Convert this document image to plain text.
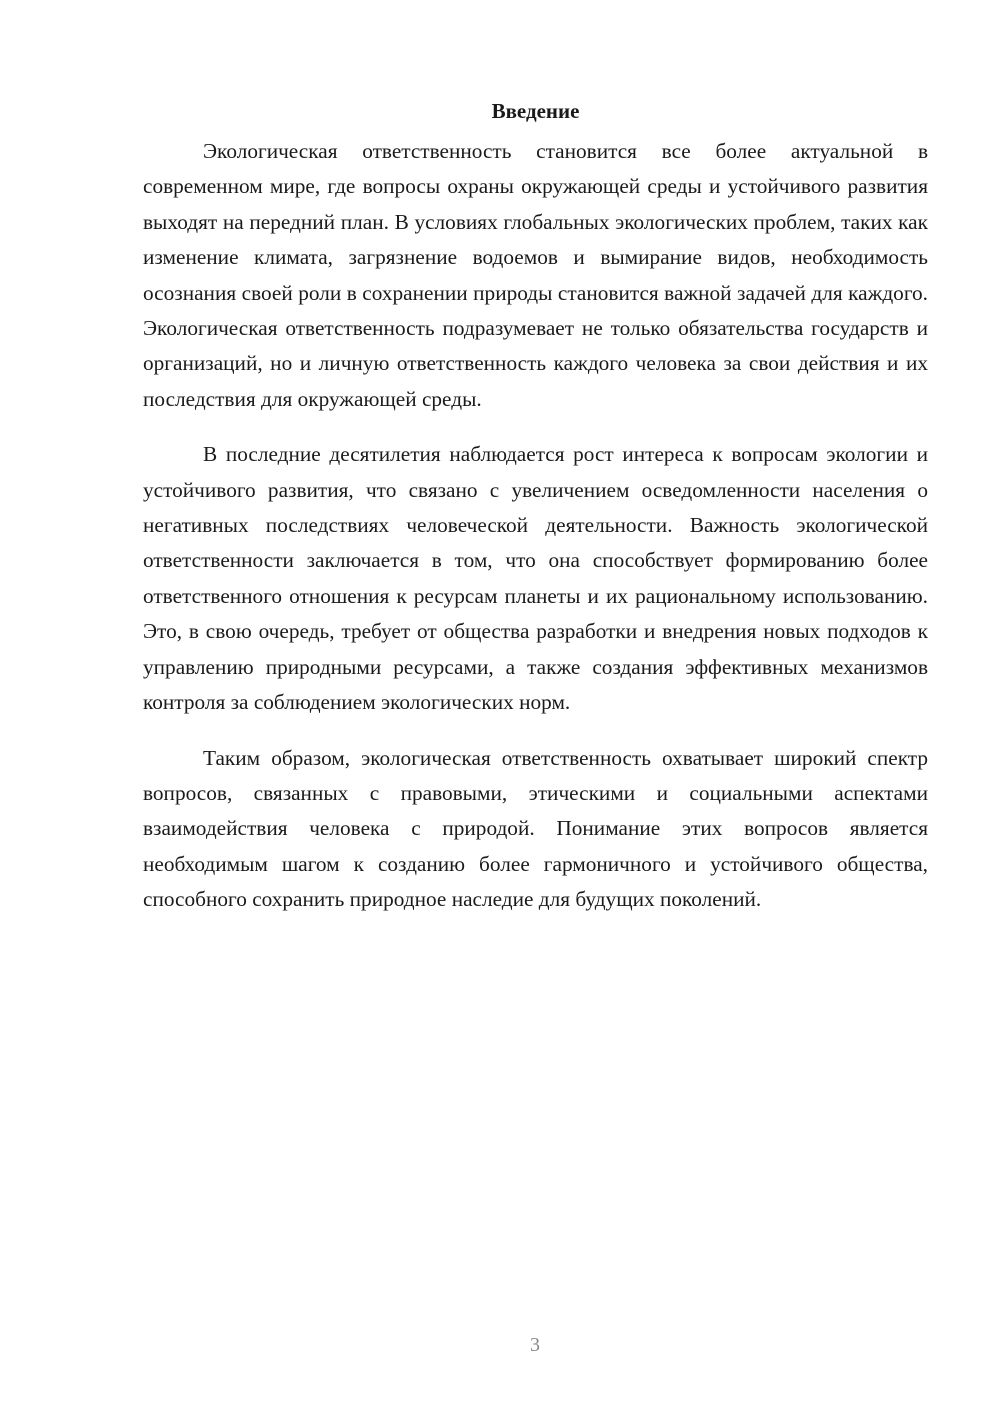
Введение

Экологическая ответственность становится все более актуальной в современном мире, где вопросы охраны окружающей среды и устойчивого развития выходят на передний план. В условиях глобальных экологических проблем, таких как изменение климата, загрязнение водоемов и вымирание видов, необходимость осознания своей роли в сохранении природы становится важной задачей для каждого. Экологическая ответственность подразумевает не только обязательства государств и организаций, но и личную ответственность каждого человека за свои действия и их последствия для окружающей среды.

В последние десятилетия наблюдается рост интереса к вопросам экологии и устойчивого развития, что связано с увеличением осведомленности населения о негативных последствиях человеческой деятельности. Важность экологической ответственности заключается в том, что она способствует формированию более ответственного отношения к ресурсам планеты и их рациональному использованию. Это, в свою очередь, требует от общества разработки и внедрения новых подходов к управлению природными ресурсами, а также создания эффективных механизмов контроля за соблюдением экологических норм.

Таким образом, экологическая ответственность охватывает широкий спектр вопросов, связанных с правовыми, этическими и социальными аспектами взаимодействия человека с природой. Понимание этих вопросов является необходимым шагом к созданию более гармоничного и устойчивого общества, способного сохранить природное наследие для будущих поколений.

3
